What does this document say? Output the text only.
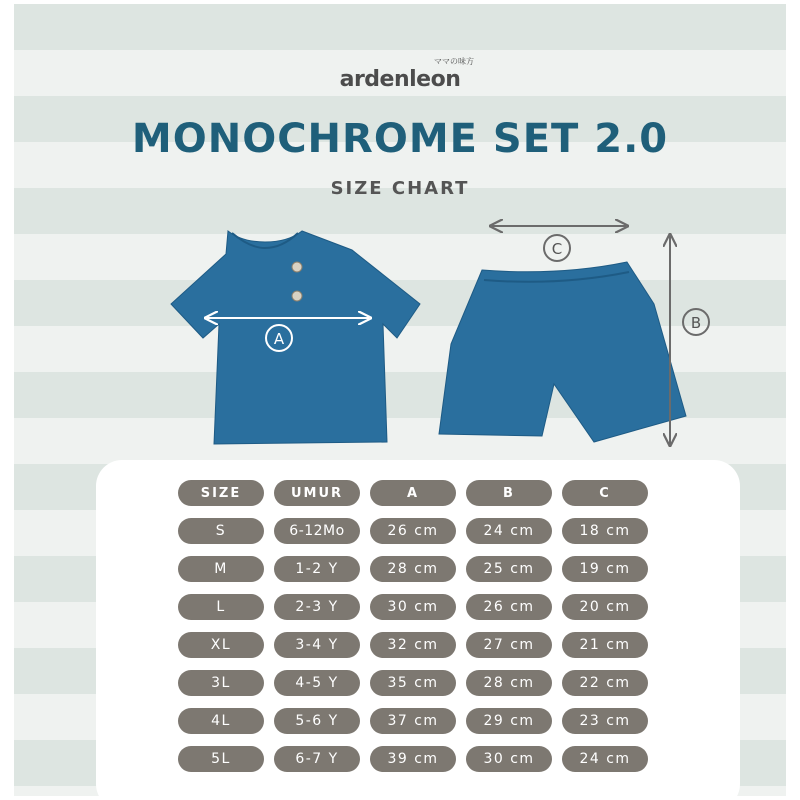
ardenleon
ママの味方
MONOCHROME SET 2.0
SIZE CHART
A
C
B
SIZE	UMUR	A	B	C
S	6-12Mo	26 cm	24 cm	18 cm
M	1-2 Y	28 cm	25 cm	19 cm
L	2-3 Y	30 cm	26 cm	20 cm
XL	3-4 Y	32 cm	27 cm	21 cm
3L	4-5 Y	35 cm	28 cm	22 cm
4L	5-6 Y	37 cm	29 cm	23 cm
5L	6-7 Y	39 cm	30 cm	24 cm
